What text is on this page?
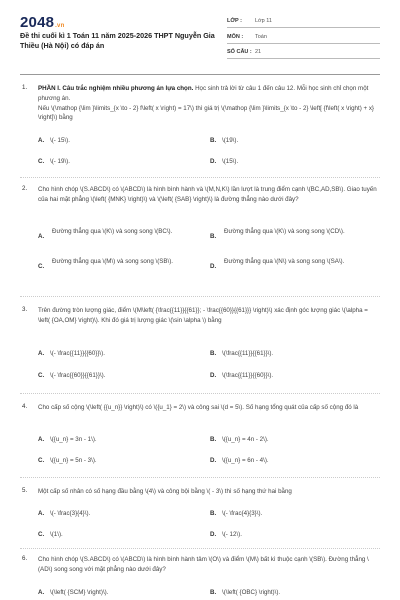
2048.vn
Đề thi cuối kì 1 Toán 11 năm 2025-2026 THPT Nguyễn Gia Thiều (Hà Nội) có đáp án
LỚP :	Lớp 11
MÔN :	Toán
SỐ CÂU : 21
1. PHẦN I. Câu trắc nghiệm nhiều phương án lựa chọn. Học sinh trả lời từ câu 1 đến câu 12. Mỗi học sinh chỉ chọn một phương án.
Nếu \(\mathop {\lim }\limits_{x \to - 2} f\left( x \right) = 17\) thì giá trị \(\mathop {\lim }\limits_{x \to - 2} \left[ {f\left( x \right) + x} \right]\) bằng
A. \(- 15\).	B. \(19\).
C. \(- 19\).	D. \(15\).
2. Cho hình chóp \(S.ABCD\) có \(ABCD\) là hình bình hành và \(M,N,K\) lần lượt là trung điểm cạnh \(BC,AD,SB\). Giao tuyến của hai mặt phẳng \(\left( {MNK} \right)\) và \(\left( {SAB} \right)\) là đường thẳng nào dưới đây?
A.
Đường thẳng qua \(K\) và song song \(BC\).
B.
Đường thẳng qua \(K\) và song song \(CD\).
C.
Đường thẳng qua \(M\) và song song \(SB\).
D.
Đường thẳng qua \(N\) và song song \(SA\).
3. Trên đường tròn lượng giác, điểm \(M\left( {\frac{{11}}{{61}}; - \frac{{60}}{{61}}} \right)\) xác định góc lượng giác \(\alpha = \left( {OA,OM} \right)\). Khi đó giá trị lượng giác \(\sin \alpha \) bằng
A. \(- \frac{{11}}{{60}}\).	B. \(\frac{{11}}{{61}}\).
C. \(- \frac{{60}}{{61}}\).	D. \(\frac{{11}}{{60}}\).
4. Cho cấp số cộng \(\left( {{u_n}} \right)\) có \({u_1} = 2\) và công sai \(d = 5\). Số hạng tổng quát của cấp số cộng đó là
A. \({u_n} = 3n - 1\).	B. \({u_n} = 4n - 2\).
C. \({u_n} = 5n - 3\).	D. \({u_n} = 6n - 4\).
5. Một cấp số nhân có số hạng đầu bằng \(4\) và công bội bằng \( - 3\) thì số hạng thứ hai bằng
A. \(- \frac{3}{4}\).	B. \(- \frac{4}{3}\).
C. \(1\).	D. \(- 12\).
6. Cho hình chóp \(S.ABCD\) có \(ABCD\) là hình bình hành tâm \(O\) và điểm \(M\) bất kì thuộc cạnh \(SB\). Đường thẳng \(AD\) song song với mặt phẳng nào dưới đây?
A. \(\left( {SCM} \right)\).	B. \(\left( {OBC} \right)\).
